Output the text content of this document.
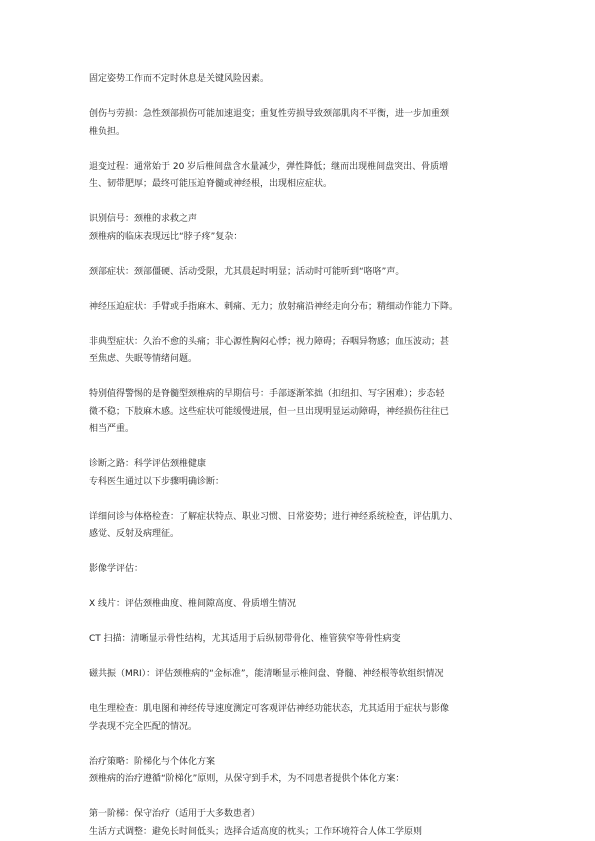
固定姿势工作而不定时休息是关键风险因素。

创伤与劳损：急性颈部损伤可能加速退变；重复性劳损导致颈部肌肉不平衡，进一步加重颈
椎负担。

退变过程：通常始于 20 岁后椎间盘含水量减少，弹性降低；继而出现椎间盘突出、骨质增
生、韧带肥厚；最终可能压迫脊髓或神经根，出现相应症状。

识别信号：颈椎的求救之声
颈椎病的临床表现远比“脖子疼”复杂：

颈部症状：颈部僵硬、活动受限，尤其晨起时明显；活动时可能听到“咯咯”声。

神经压迫症状：手臂或手指麻木、刺痛、无力；放射痛沿神经走向分布；精细动作能力下降。

非典型症状：久治不愈的头痛；非心源性胸闷心悸；视力障碍；吞咽异物感；血压波动；甚
至焦虑、失眠等情绪问题。

特别值得警惕的是脊髓型颈椎病的早期信号：手部逐渐笨拙（扣纽扣、写字困难）；步态轻
微不稳；下肢麻木感。这些症状可能缓慢进展，但一旦出现明显运动障碍，神经损伤往往已
相当严重。

诊断之路：科学评估颈椎健康
专科医生通过以下步骤明确诊断：

详细问诊与体格检查：了解症状特点、职业习惯、日常姿势；进行神经系统检查，评估肌力、
感觉、反射及病理征。

影像学评估：

X 线片：评估颈椎曲度、椎间隙高度、骨质增生情况

CT 扫描：清晰显示骨性结构，尤其适用于后纵韧带骨化、椎管狭窄等骨性病变

磁共振（MRI）：评估颈椎病的“金标准”，能清晰显示椎间盘、脊髓、神经根等软组织情况

电生理检查：肌电图和神经传导速度测定可客观评估神经功能状态，尤其适用于症状与影像
学表现不完全匹配的情况。

治疗策略：阶梯化与个体化方案
颈椎病的治疗遵循“阶梯化”原则，从保守到手术，为不同患者提供个体化方案：

第一阶梯：保守治疗（适用于大多数患者）
生活方式调整：避免长时间低头；选择合适高度的枕头；工作环境符合人体工学原则
